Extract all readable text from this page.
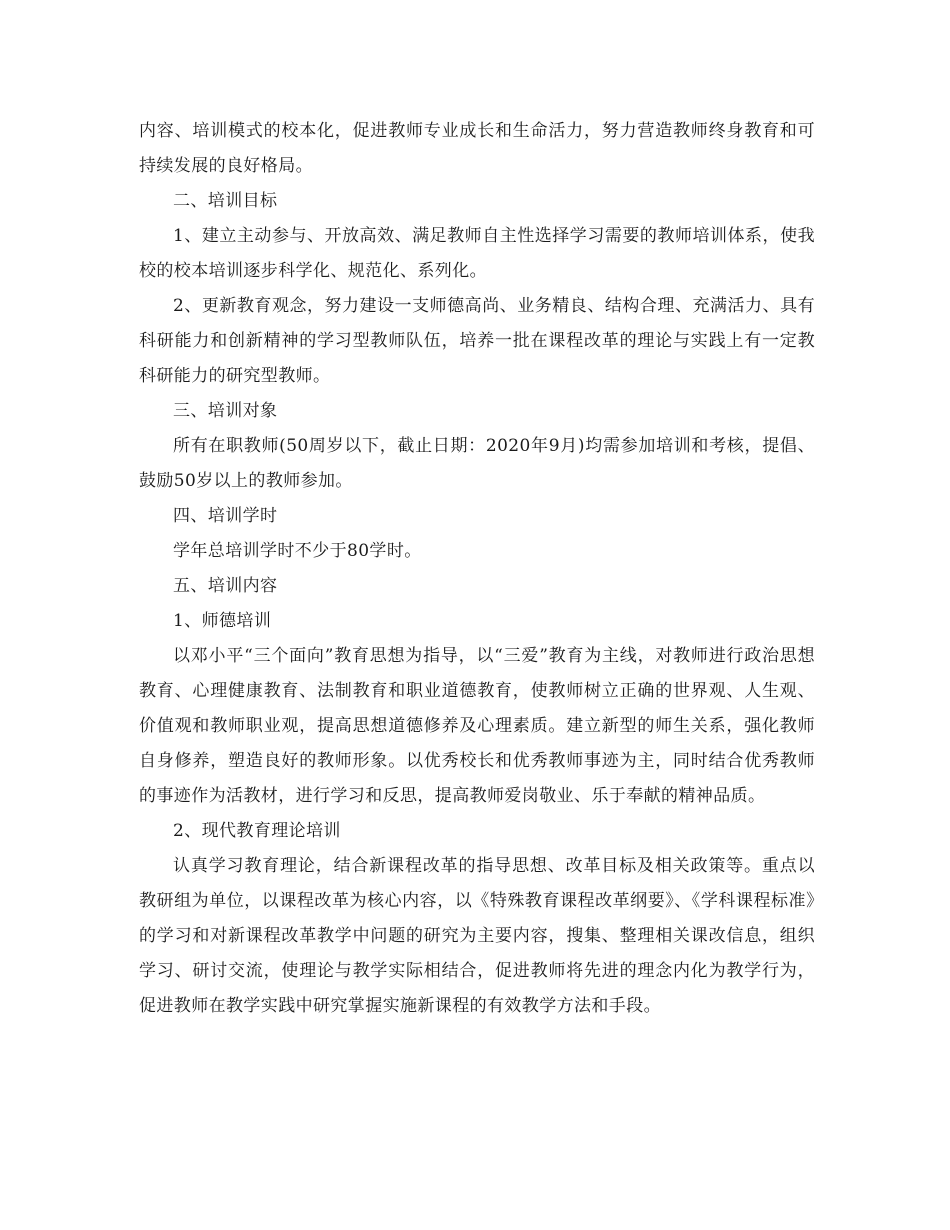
内容、培训模式的校本化，促进教师专业成长和生命活力，努力营造教师终身教育和可持续发展的良好格局。

二、培训目标

1、建立主动参与、开放高效、满足教师自主性选择学习需要的教师培训体系，使我校的校本培训逐步科学化、规范化、系列化。

2、更新教育观念，努力建设一支师德高尚、业务精良、结构合理、充满活力、具有科研能力和创新精神的学习型教师队伍，培养一批在课程改革的理论与实践上有一定教科研能力的研究型教师。

三、培训对象

所有在职教师(50周岁以下，截止日期：2020年9月)均需参加培训和考核，提倡、鼓励50岁以上的教师参加。

四、培训学时

学年总培训学时不少于80学时。

五、培训内容

1、师德培训

以邓小平“三个面向”教育思想为指导，以“三爱”教育为主线，对教师进行政治思想教育、心理健康教育、法制教育和职业道德教育，使教师树立正确的世界观、人生观、价值观和教师职业观，提高思想道德修养及心理素质。建立新型的师生关系，强化教师自身修养，塑造良好的教师形象。以优秀校长和优秀教师事迹为主，同时结合优秀教师的事迹作为活教材，进行学习和反思，提高教师爱岗敬业、乐于奉献的精神品质。

2、现代教育理论培训

认真学习教育理论，结合新课程改革的指导思想、改革目标及相关政策等。重点以教研组为单位，以课程改革为核心内容，以《特殊教育课程改革纲要》、《学科课程标准》的学习和对新课程改革教学中问题的研究为主要内容，搜集、整理相关课改信息，组织学习、研讨交流，使理论与教学实际相结合，促进教师将先进的理念内化为教学行为，促进教师在教学实践中研究掌握实施新课程的有效教学方法和手段。
